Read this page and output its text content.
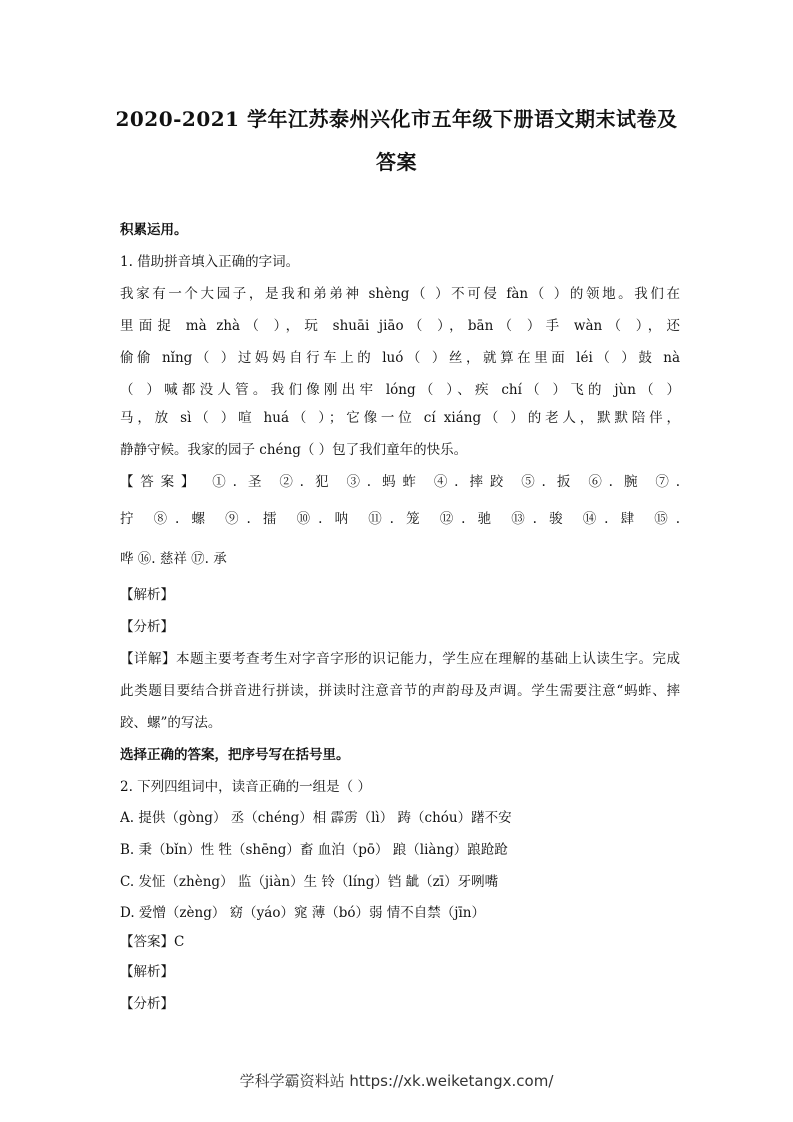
2020-2021 学年江苏泰州兴化市五年级下册语文期末试卷及
答案
积累运用。
1. 借助拼音填入正确的字词。
我家有一个大园子，是我和弟弟神 shèng（ ）不可侵 fàn（ ）的领地。我们在
里面捉 mà zhà（ ），玩 shuāi jiāo（ ），bān（ ）手 wàn（ ），还
偷偷 nǐng（ ）过妈妈自行车上的 luó（ ）丝，就算在里面 léi（ ）鼓 nà
（ ）喊都没人管。我们像刚出牢 lóng（ ）、疾 chí（ ）飞的 jùn（ ）
马，放 sì（ ）喧 huá（ ）；它像一位 cí xiáng（ ）的老人，默默陪伴，
静静守候。我家的园子 chéng（ ）包了我们童年的快乐。
【答案】 ①. 圣 ②. 犯 ③. 蚂蚱 ④. 摔跤 ⑤. 扳 ⑥. 腕 ⑦.
拧 ⑧. 螺 ⑨. 擂 ⑩. 呐 ⑪. 笼 ⑫. 驰 ⑬. 骏 ⑭. 肆 ⑮.
哗 ⑯. 慈祥 ⑰. 承
【解析】
【分析】
【详解】本题主要考查考生对字音字形的识记能力，学生应在理解的基础上认读生字。完成
此类题目要结合拼音进行拼读，拼读时注意音节的声韵母及声调。学生需要注意“蚂蚱、摔
跤、螺”的写法。
选择正确的答案，把序号写在括号里。
2. 下列四组词中，读音正确的一组是（ ）
A. 提供（gòng） 丞（chéng）相 霹雳（lì） 踌（chóu）躇不安
B. 秉（bǐn）性 牲（shēng）畜 血泊（pō） 踉（liàng）踉跄跄
C. 发怔（zhèng） 监（jiàn）生 铃（líng）铛 龇（zī）牙咧嘴
D. 爱憎（zèng） 窈（yáo）窕 薄（bó）弱 情不自禁（jīn）
【答案】C
【解析】
【分析】
学科学霸资料站 https://xk.weiketangx.com/
